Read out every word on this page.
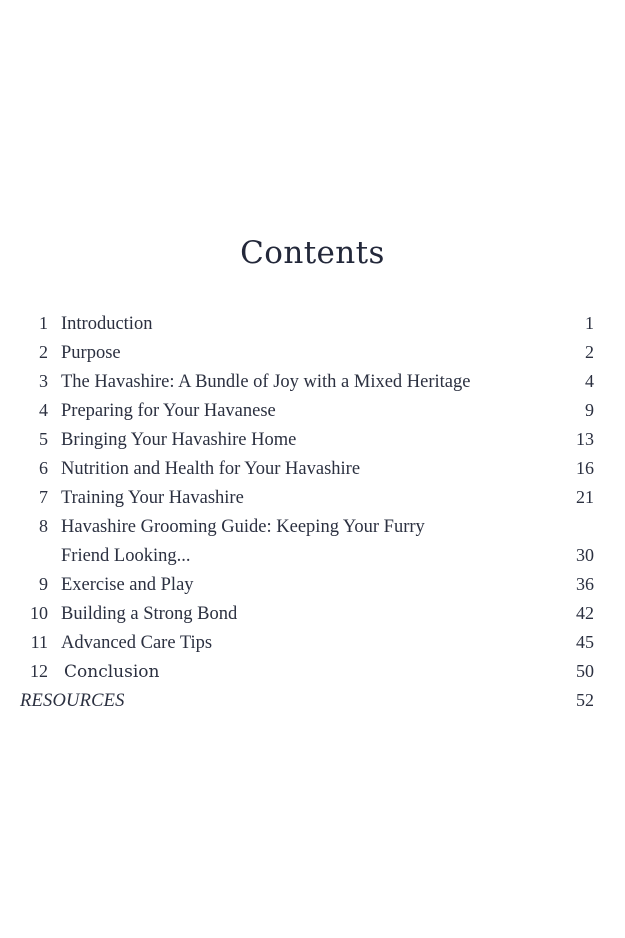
Contents
1 Introduction	1
2 Purpose	2
3 The Havashire: A Bundle of Joy with a Mixed Heritage	4
4 Preparing for Your Havanese	9
5 Bringing Your Havashire Home	13
6 Nutrition and Health for Your Havashire	16
7 Training Your Havashire	21
8 Havashire Grooming Guide: Keeping Your Furry
Friend Looking...	30
9 Exercise and Play	36
10 Building a Strong Bond	42
11 Advanced Care Tips	45
12 Conclusion	50
RESOURCES	52
